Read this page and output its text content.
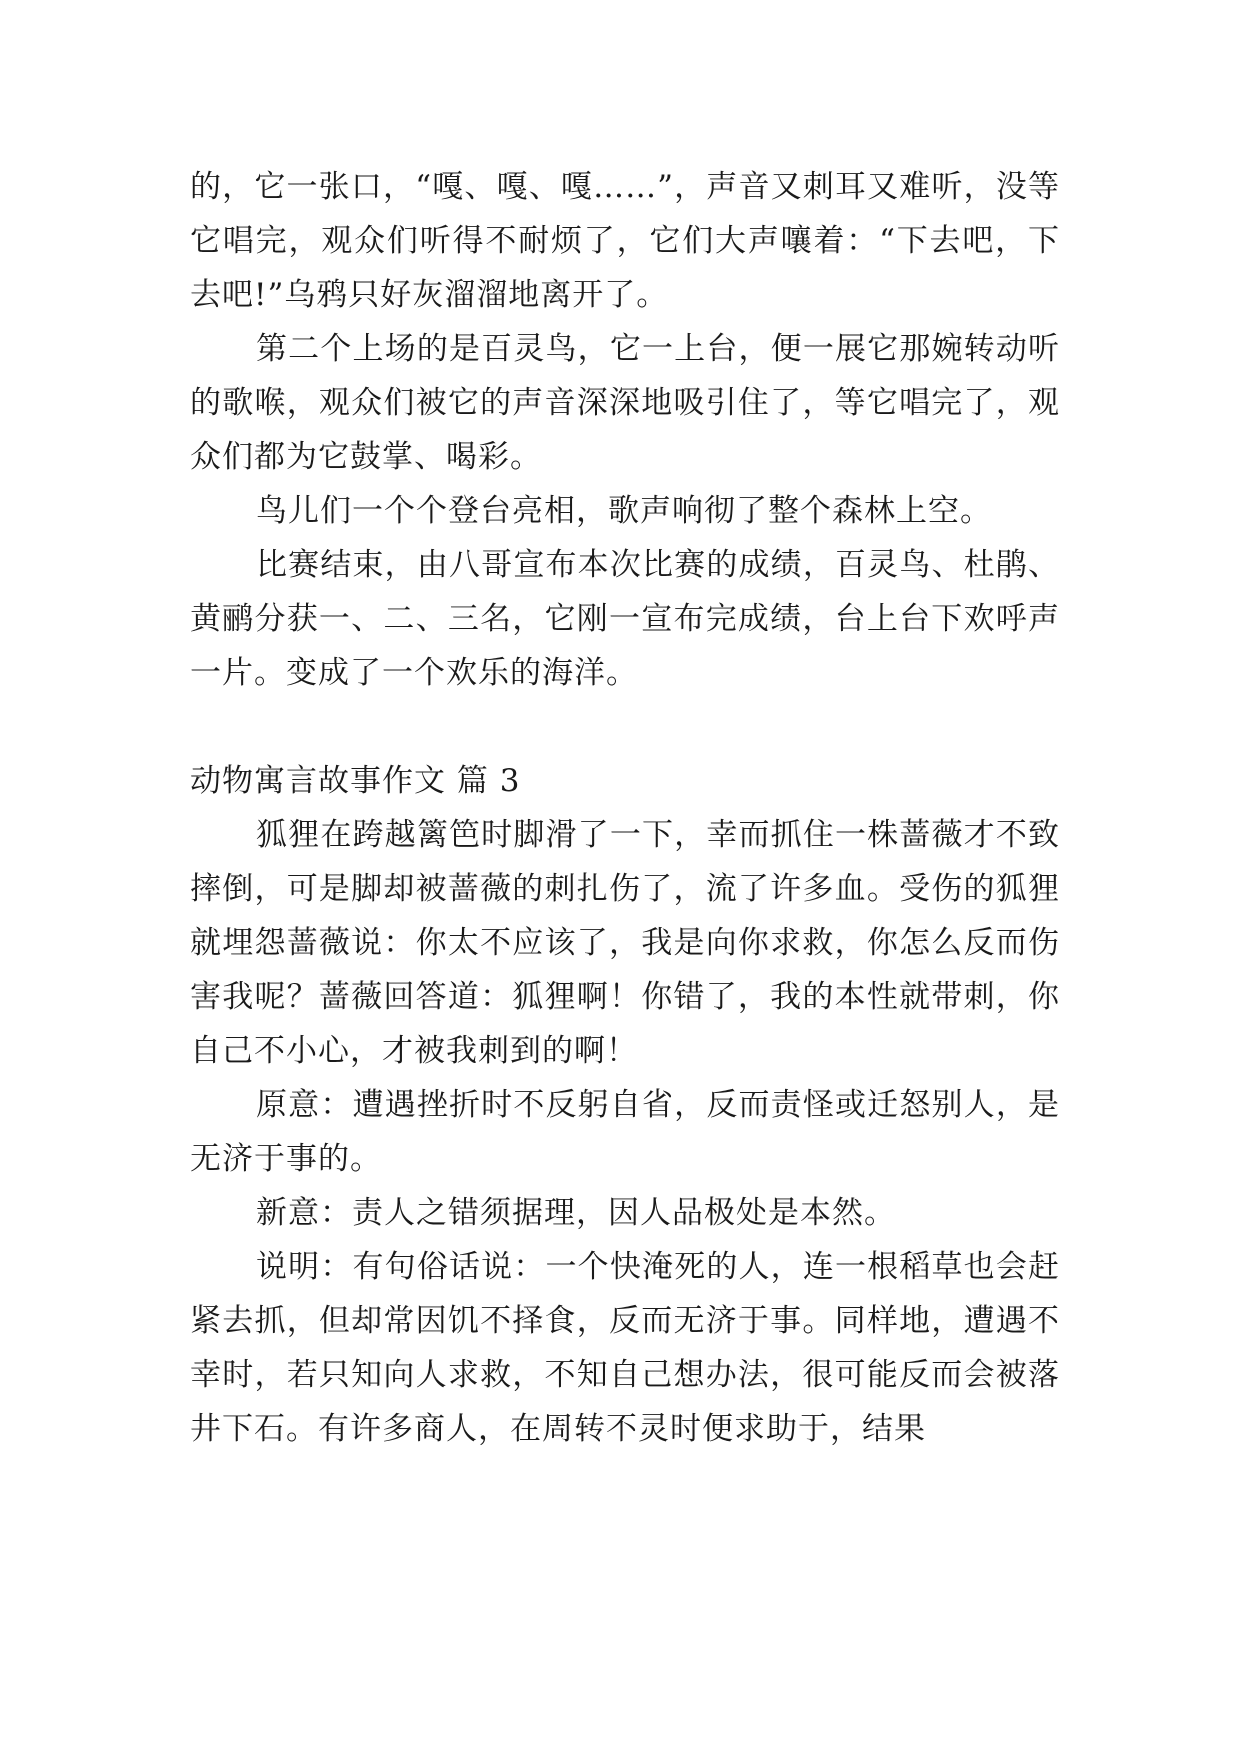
的，它一张口，“嘎、嘎、嘎……”，声音又刺耳又难听，没等它唱完，观众们听得不耐烦了，它们大声嚷着：“下去吧，下去吧!”乌鸦只好灰溜溜地离开了。

第二个上场的是百灵鸟，它一上台，便一展它那婉转动听的歌喉，观众们被它的声音深深地吸引住了，等它唱完了，观众们都为它鼓掌、喝彩。

鸟儿们一个个登台亮相，歌声响彻了整个森林上空。

比赛结束，由八哥宣布本次比赛的成绩，百灵鸟、杜鹃、黄鹂分获一、二、三名，它刚一宣布完成绩，台上台下欢呼声一片。变成了一个欢乐的海洋。

动物寓言故事作文 篇 3

狐狸在跨越篱笆时脚滑了一下，幸而抓住一株蔷薇才不致摔倒，可是脚却被蔷薇的刺扎伤了，流了许多血。受伤的狐狸就埋怨蔷薇说：你太不应该了，我是向你求救，你怎么反而伤害我呢？蔷薇回答道：狐狸啊！你错了，我的本性就带刺，你自己不小心，才被我刺到的啊！

原意：遭遇挫折时不反躬自省，反而责怪或迁怒别人，是无济于事的。

新意：责人之错须据理，因人品极处是本然。

说明：有句俗话说：一个快淹死的人，连一根稻草也会赶紧去抓，但却常因饥不择食，反而无济于事。同样地，遭遇不幸时，若只知向人求救，不知自己想办法，很可能反而会被落井下石。有许多商人，在周转不灵时便求助于，结果
